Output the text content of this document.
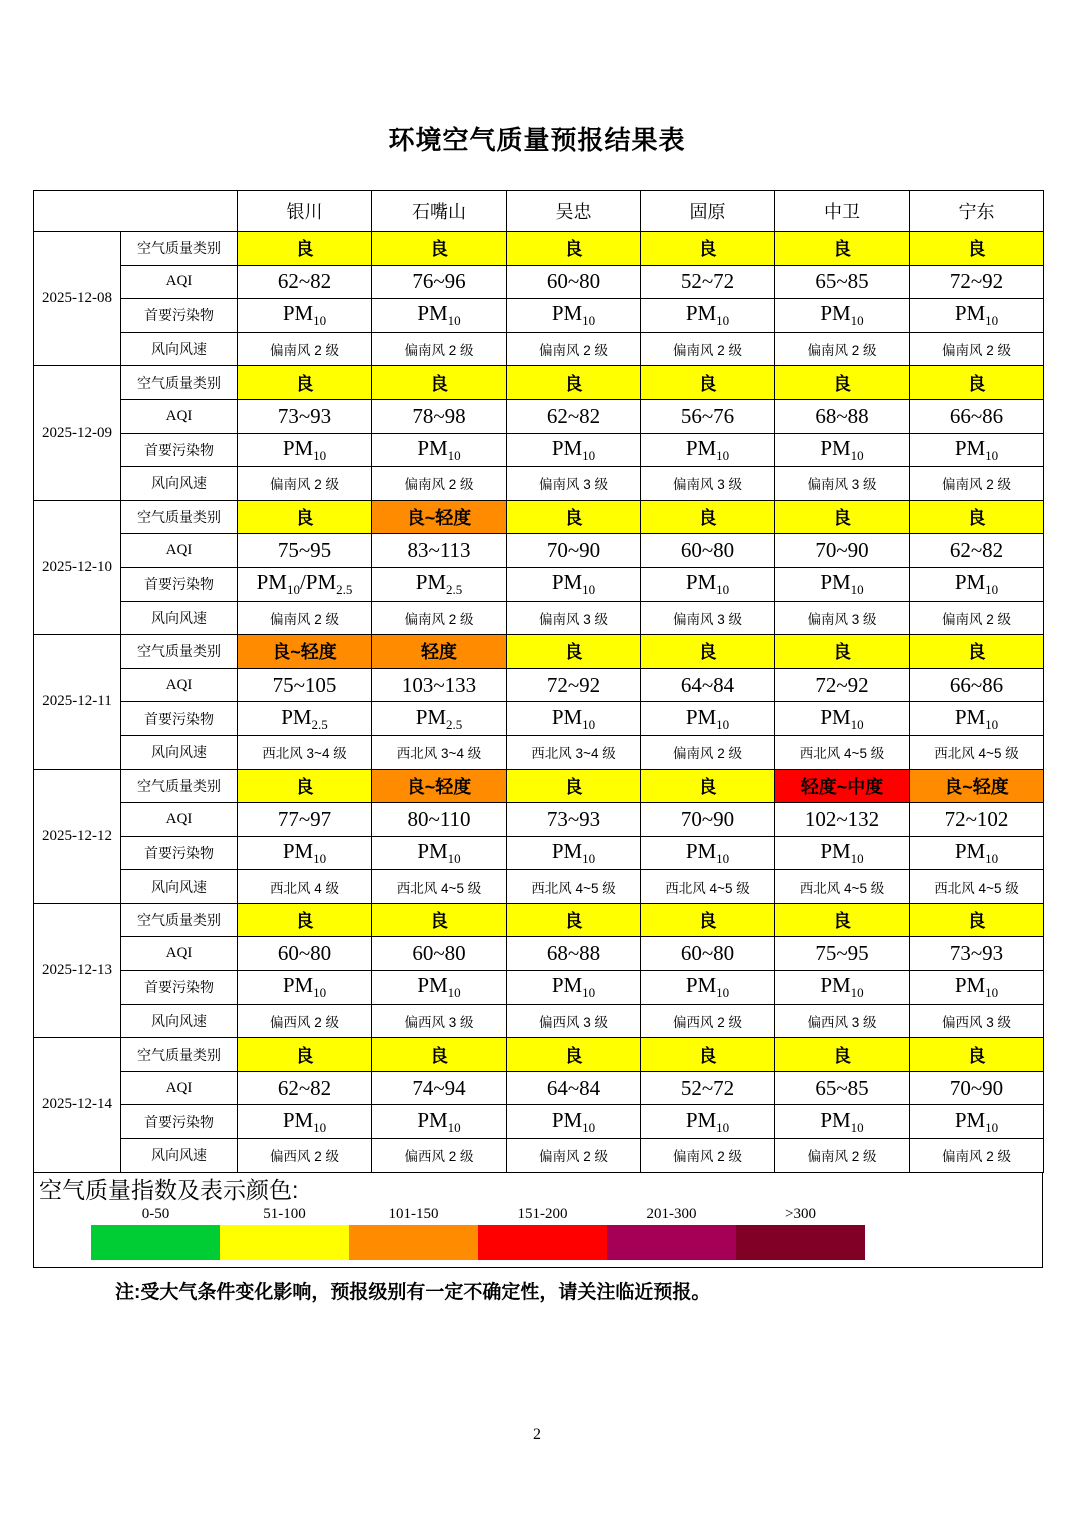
环境空气质量预报结果表
		银川	石嘴山	吴忠	固原	中卫	宁东
2025-12-08	空气质量类别	良	良	良	良	良	良
	AQI	62~82	76~96	60~80	52~72	65~85	72~92
	首要污染物	$PM_{10}$	$PM_{10}$	$PM_{10}$	$PM_{10}$	$PM_{10}$	$PM_{10}$
	风向风速	偏南风 2 级	偏南风 2 级	偏南风 2 级	偏南风 2 级	偏南风 2 级	偏南风 2 级
2025-12-09	空气质量类别	良	良	良	良	良	良
	AQI	73~93	78~98	62~82	56~76	68~88	66~86
	首要污染物	$PM_{10}$	$PM_{10}$	$PM_{10}$	$PM_{10}$	$PM_{10}$	$PM_{10}$
	风向风速	偏南风 2 级	偏南风 2 级	偏南风 3 级	偏南风 3 级	偏南风 3 级	偏南风 2 级
2025-12-10	空气质量类别	良	良~轻度	良	良	良	良
	AQI	75~95	83~113	70~90	60~80	70~90	62~82
	首要污染物	$PM_{10}/PM_{2.5}$	$PM_{2.5}$	$PM_{10}$	$PM_{10}$	$PM_{10}$	$PM_{10}$
	风向风速	偏南风 2 级	偏南风 2 级	偏南风 3 级	偏南风 3 级	偏南风 3 级	偏南风 2 级
2025-12-11	空气质量类别	良~轻度	轻度	良	良	良	良
	AQI	75~105	103~133	72~92	64~84	72~92	66~86
	首要污染物	$PM_{2.5}$	$PM_{2.5}$	$PM_{10}$	$PM_{10}$	$PM_{10}$	$PM_{10}$
	风向风速	西北风 3~4 级	西北风 3~4 级	西北风 3~4 级	偏南风 2 级	西北风 4~5 级	西北风 4~5 级
2025-12-12	空气质量类别	良	良~轻度	良	良	轻度~中度	良~轻度
	AQI	77~97	80~110	73~93	70~90	102~132	72~102
	首要污染物	$PM_{10}$	$PM_{10}$	$PM_{10}$	$PM_{10}$	$PM_{10}$	$PM_{10}$
	风向风速	西北风 4 级	西北风 4~5 级	西北风 4~5 级	西北风 4~5 级	西北风 4~5 级	西北风 4~5 级
2025-12-13	空气质量类别	良	良	良	良	良	良
	AQI	60~80	60~80	68~88	60~80	75~95	73~93
	首要污染物	$PM_{10}$	$PM_{10}$	$PM_{10}$	$PM_{10}$	$PM_{10}$	$PM_{10}$
	风向风速	偏西风 2 级	偏西风 3 级	偏西风 3 级	偏西风 2 级	偏西风 3 级	偏西风 3 级
2025-12-14	空气质量类别	良	良	良	良	良	良
	AQI	62~82	74~94	64~84	52~72	65~85	70~90
	首要污染物	$PM_{10}$	$PM_{10}$	$PM_{10}$	$PM_{10}$	$PM_{10}$	$PM_{10}$
	风向风速	偏西风 2 级	偏西风 2 级	偏南风 2 级	偏南风 2 级	偏南风 2 级	偏南风 2 级
空气质量指数及表示颜色:
0-50	51-100	101-150	151-200	201-300	>300
注:受大气条件变化影响，预报级别有一定不确定性，请关注临近预报。
2
